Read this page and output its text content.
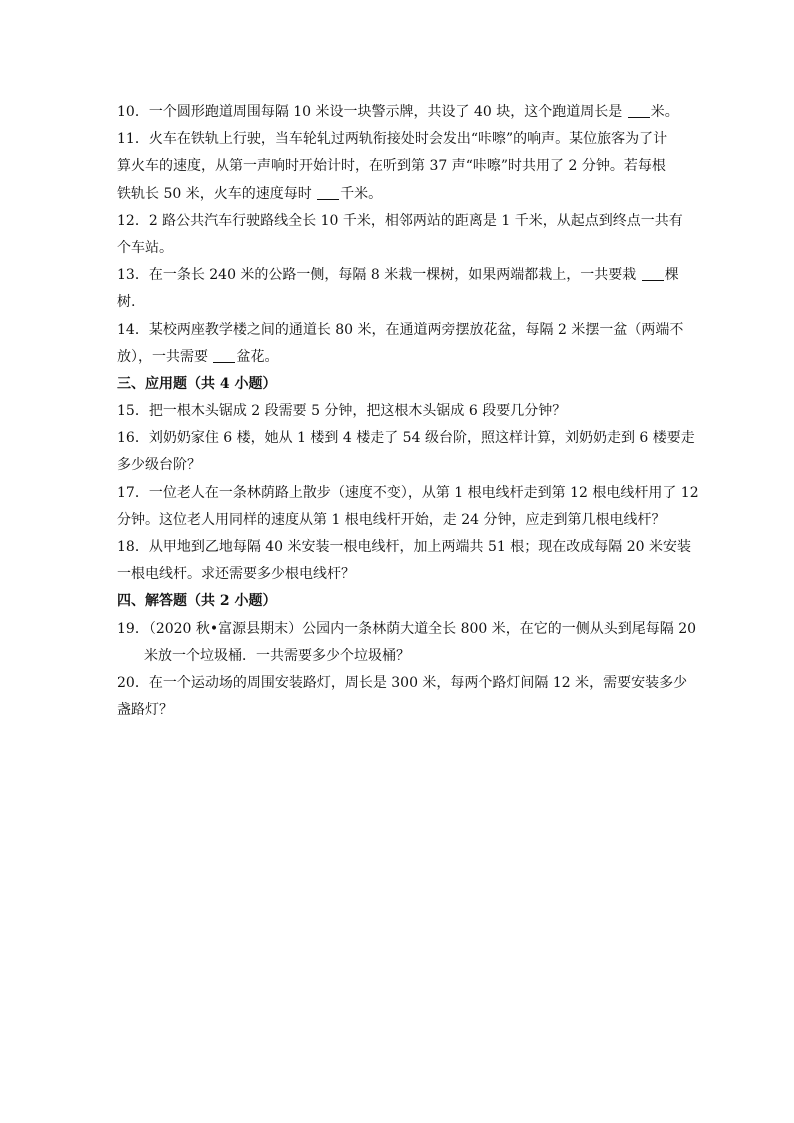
10．一个圆形跑道周围每隔 10 米设一块警示牌，共设了 40 块，这个跑道周长是 米。
11．火车在铁轨上行驶，当车轮轧过两轨衔接处时会发出“咔嚓”的响声。某位旅客为了计
算火车的速度，从第一声响时开始计时，在听到第 37 声“咔嚓”时共用了 2 分钟。若每根
铁轨长 50 米，火车的速度每时 千米。
12．2 路公共汽车行驶路线全长 10 千米，相邻两站的距离是 1 千米，从起点到终点一共有
个车站。
13．在一条长 240 米的公路一侧，每隔 8 米栽一棵树，如果两端都栽上，一共要栽 棵
树.
14．某校两座教学楼之间的通道长 80 米，在通道两旁摆放花盆，每隔 2 米摆一盆（两端不
放），一共需要 盆花。
三、应用题（共 4 小题）
15．把一根木头锯成 2 段需要 5 分钟，把这根木头锯成 6 段要几分钟？
16．刘奶奶家住 6 楼，她从 1 楼到 4 楼走了 54 级台阶，照这样计算，刘奶奶走到 6 楼要走
多少级台阶？
17．一位老人在一条林荫路上散步（速度不变），从第 1 根电线杆走到第 12 根电线杆用了 12
分钟。这位老人用同样的速度从第 1 根电线杆开始，走 24 分钟，应走到第几根电线杆？
18．从甲地到乙地每隔 40 米安装一根电线杆，加上两端共 51 根；现在改成每隔 20 米安装
一根电线杆。求还需要多少根电线杆？
四、解答题（共 2 小题）
19．（2020 秋•富源县期末）公园内一条林荫大道全长 800 米，在它的一侧从头到尾每隔 20
米放一个垃圾桶．一共需要多少个垃圾桶？
20．在一个运动场的周围安装路灯，周长是 300 米，每两个路灯间隔 12 米，需要安装多少
盏路灯？
